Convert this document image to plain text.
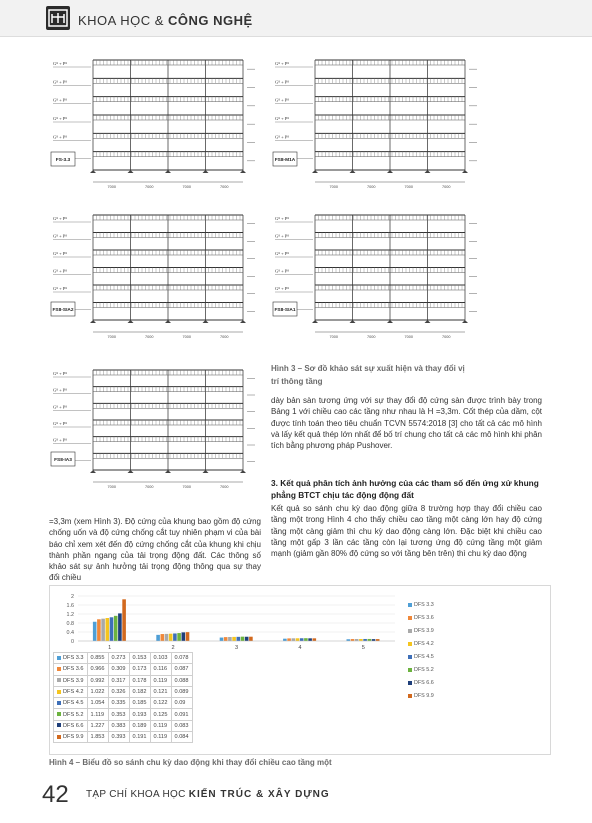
KHOA HỌC & CÔNG NGHỆ
G⁸ + P⁸
G⁸ + P⁸
G⁸ + P⁸
G⁸ + P⁸
G⁸ + P⁸
7000	7000	7000	7000
FS-3.3
G⁸ + P⁸
G⁸ + P⁸
G⁸ + P⁸
G⁸ + P⁸
G⁸ + P⁸
7000	7000	7000	7000
FS8-M1A
G⁸ + P⁸
G⁸ + P⁸
G⁸ + P⁸
G⁸ + P⁸
G⁸ + P⁸
7000	7000	7000	7000
FS8-SIA2
G⁸ + P⁸
G⁸ + P⁸
G⁸ + P⁸
G⁸ + P⁸
G⁸ + P⁸
7000	7000	7000	7000
FS8-SIA1
G⁸ + P⁸
G⁸ + P⁸
G⁸ + P⁸
G⁸ + P⁸
G⁸ + P⁸
7000	7000	7000	7000
FS8-IA3
Hình 3 – Sơ đồ khảo sát sự xuất hiện và thay đổi vị trí thông tầng
dày bản sàn tương ứng với sự thay đổi độ cứng sàn được trình bày trong Bảng 1 với chiều cao các tầng như nhau là H =3,3m. Cốt thép của dầm, cột được tính toán theo tiêu chuẩn TCVN 5574:2018 [3] cho tất cả các mô hình và lấy kết quả thép lớn nhất để bố trí chung cho tất cả các mô hình khi phân tích bằng phương pháp Pushover.
3. Kết quả phân tích ảnh hưởng của các tham số đến ứng xử khung phẳng BTCT chịu tác động động đất
Kết quả so sánh chu kỳ dao động giữa 8 trường hợp thay đổi chiều cao tầng một trong Hình 4 cho thấy chiều cao tầng một càng lớn hay độ cứng tầng một càng giảm thì chu kỳ dao động càng lớn. Đặc biệt khi chiều cao tầng một gấp 3 lần các tầng còn lại tương ứng độ cứng tầng một giảm mạnh (giảm gần 80% độ cứng so với tầng bên trên) thì chu kỳ dao động
=3,3m (xem Hình 3). Độ cứng của khung bao gồm độ cứng chống uốn và độ cứng chống cắt tuy nhiên phạm vi của bài báo chỉ xem xét đến độ cứng chống cắt của khung khi chịu thành phần ngang của tải trọng động đất. Các thông số khảo sát sự ảnh hưởng tải trọng động thông qua sự thay đổi chiều
0
0.4
0.8
1.2
1.6
2
1	2	3	4	5
DFS 3.3	0.855	0.273	0.153	0.103	0.078
DFS 3.6	0.966	0.309	0.173	0.116	0.087
DFS 3.9	0.992	0.317	0.178	0.119	0.088
DFS 4.2	1.022	0.326	0.182	0.121	0.089
DFS 4.5	1.054	0.335	0.185	0.122	0.09
DFS 5.2	1.119	0.353	0.193	0.125	0.091
DFS 6.6	1.227	0.383	0.189	0.119	0.083
DFS 9.9	1.853	0.393	0.191	0.119	0.084
DFS 3.3
DFS 3.6
DFS 3.9
DFS 4.2
DFS 4.5
DFS 5.2
DFS 6.6
DFS 9.9
Hình 4 – Biểu đồ so sánh chu kỳ dao động khi thay đổi chiều cao tầng một
42 TẠP CHÍ KHOA HỌC KIẾN TRÚC & XÂY DỰNG
